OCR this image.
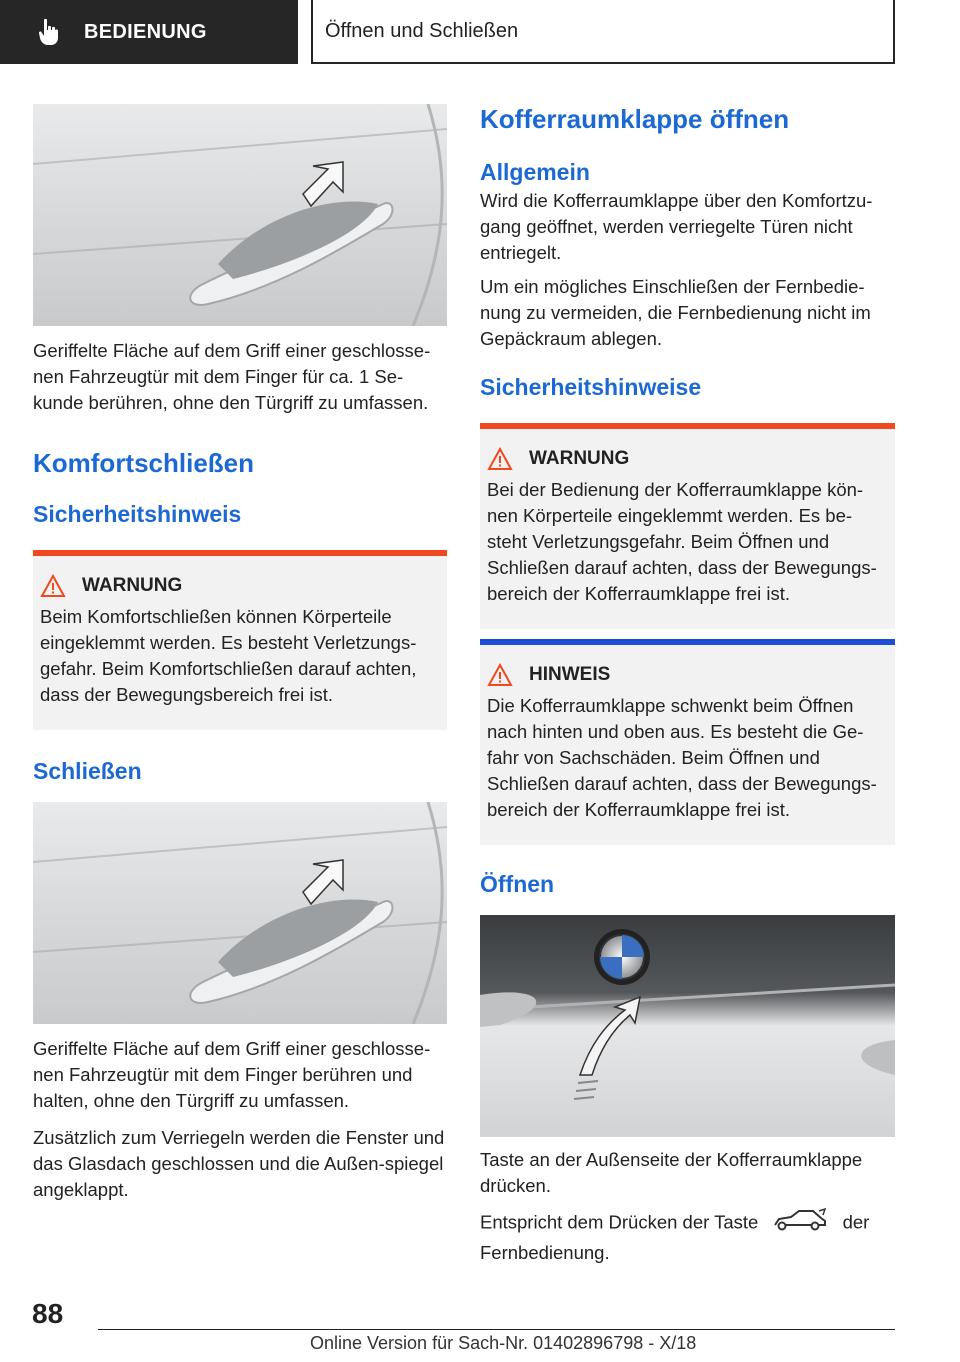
BEDIENUNG	Öffnen und Schließen

Geriffelte Fläche auf dem Griff einer geschlosse-nen Fahrzeugtür mit dem Finger für ca. 1 Se-kunde berühren, ohne den Türgriff zu umfassen.

Komfortschließen
Sicherheitshinweis
WARNUNG

Beim Komfortschließen können Körperteile eingeklemmt werden. Es besteht Verletzungs-gefahr. Beim Komfortschließen darauf achten, dass der Bewegungsbereich frei ist.

Schließen

Geriffelte Fläche auf dem Griff einer geschlosse-nen Fahrzeugtür mit dem Finger berühren und halten, ohne den Türgriff zu umfassen.

Zusätzlich zum Verriegeln werden die Fenster und das Glasdach geschlossen und die Außen-spiegel angeklappt.

Kofferraumklappe öffnen
Allgemein

Wird die Kofferraumklappe über den Komfortzu-gang geöffnet, werden verriegelte Türen nicht entriegelt.

Um ein mögliches Einschließen der Fernbedie-nung zu vermeiden, die Fernbedienung nicht im Gepäckraum ablegen.

Sicherheitshinweise
WARNUNG

Bei der Bedienung der Kofferraumklappe kön-nen Körperteile eingeklemmt werden. Es be-steht Verletzungsgefahr. Beim Öffnen und Schließen darauf achten, dass der Bewegungs-bereich der Kofferraumklappe frei ist.

HINWEIS

Die Kofferraumklappe schwenkt beim Öffnen nach hinten und oben aus. Es besteht die Ge-fahr von Sachschäden. Beim Öffnen und Schließen darauf achten, dass der Bewegungs-bereich der Kofferraumklappe frei ist.

Öffnen

Taste an der Außenseite der Kofferraumklappe drücken.

Entspricht dem Drücken der Taste	der
Fernbedienung.

88
Online Version für Sach-Nr. 01402896798 - X/18
